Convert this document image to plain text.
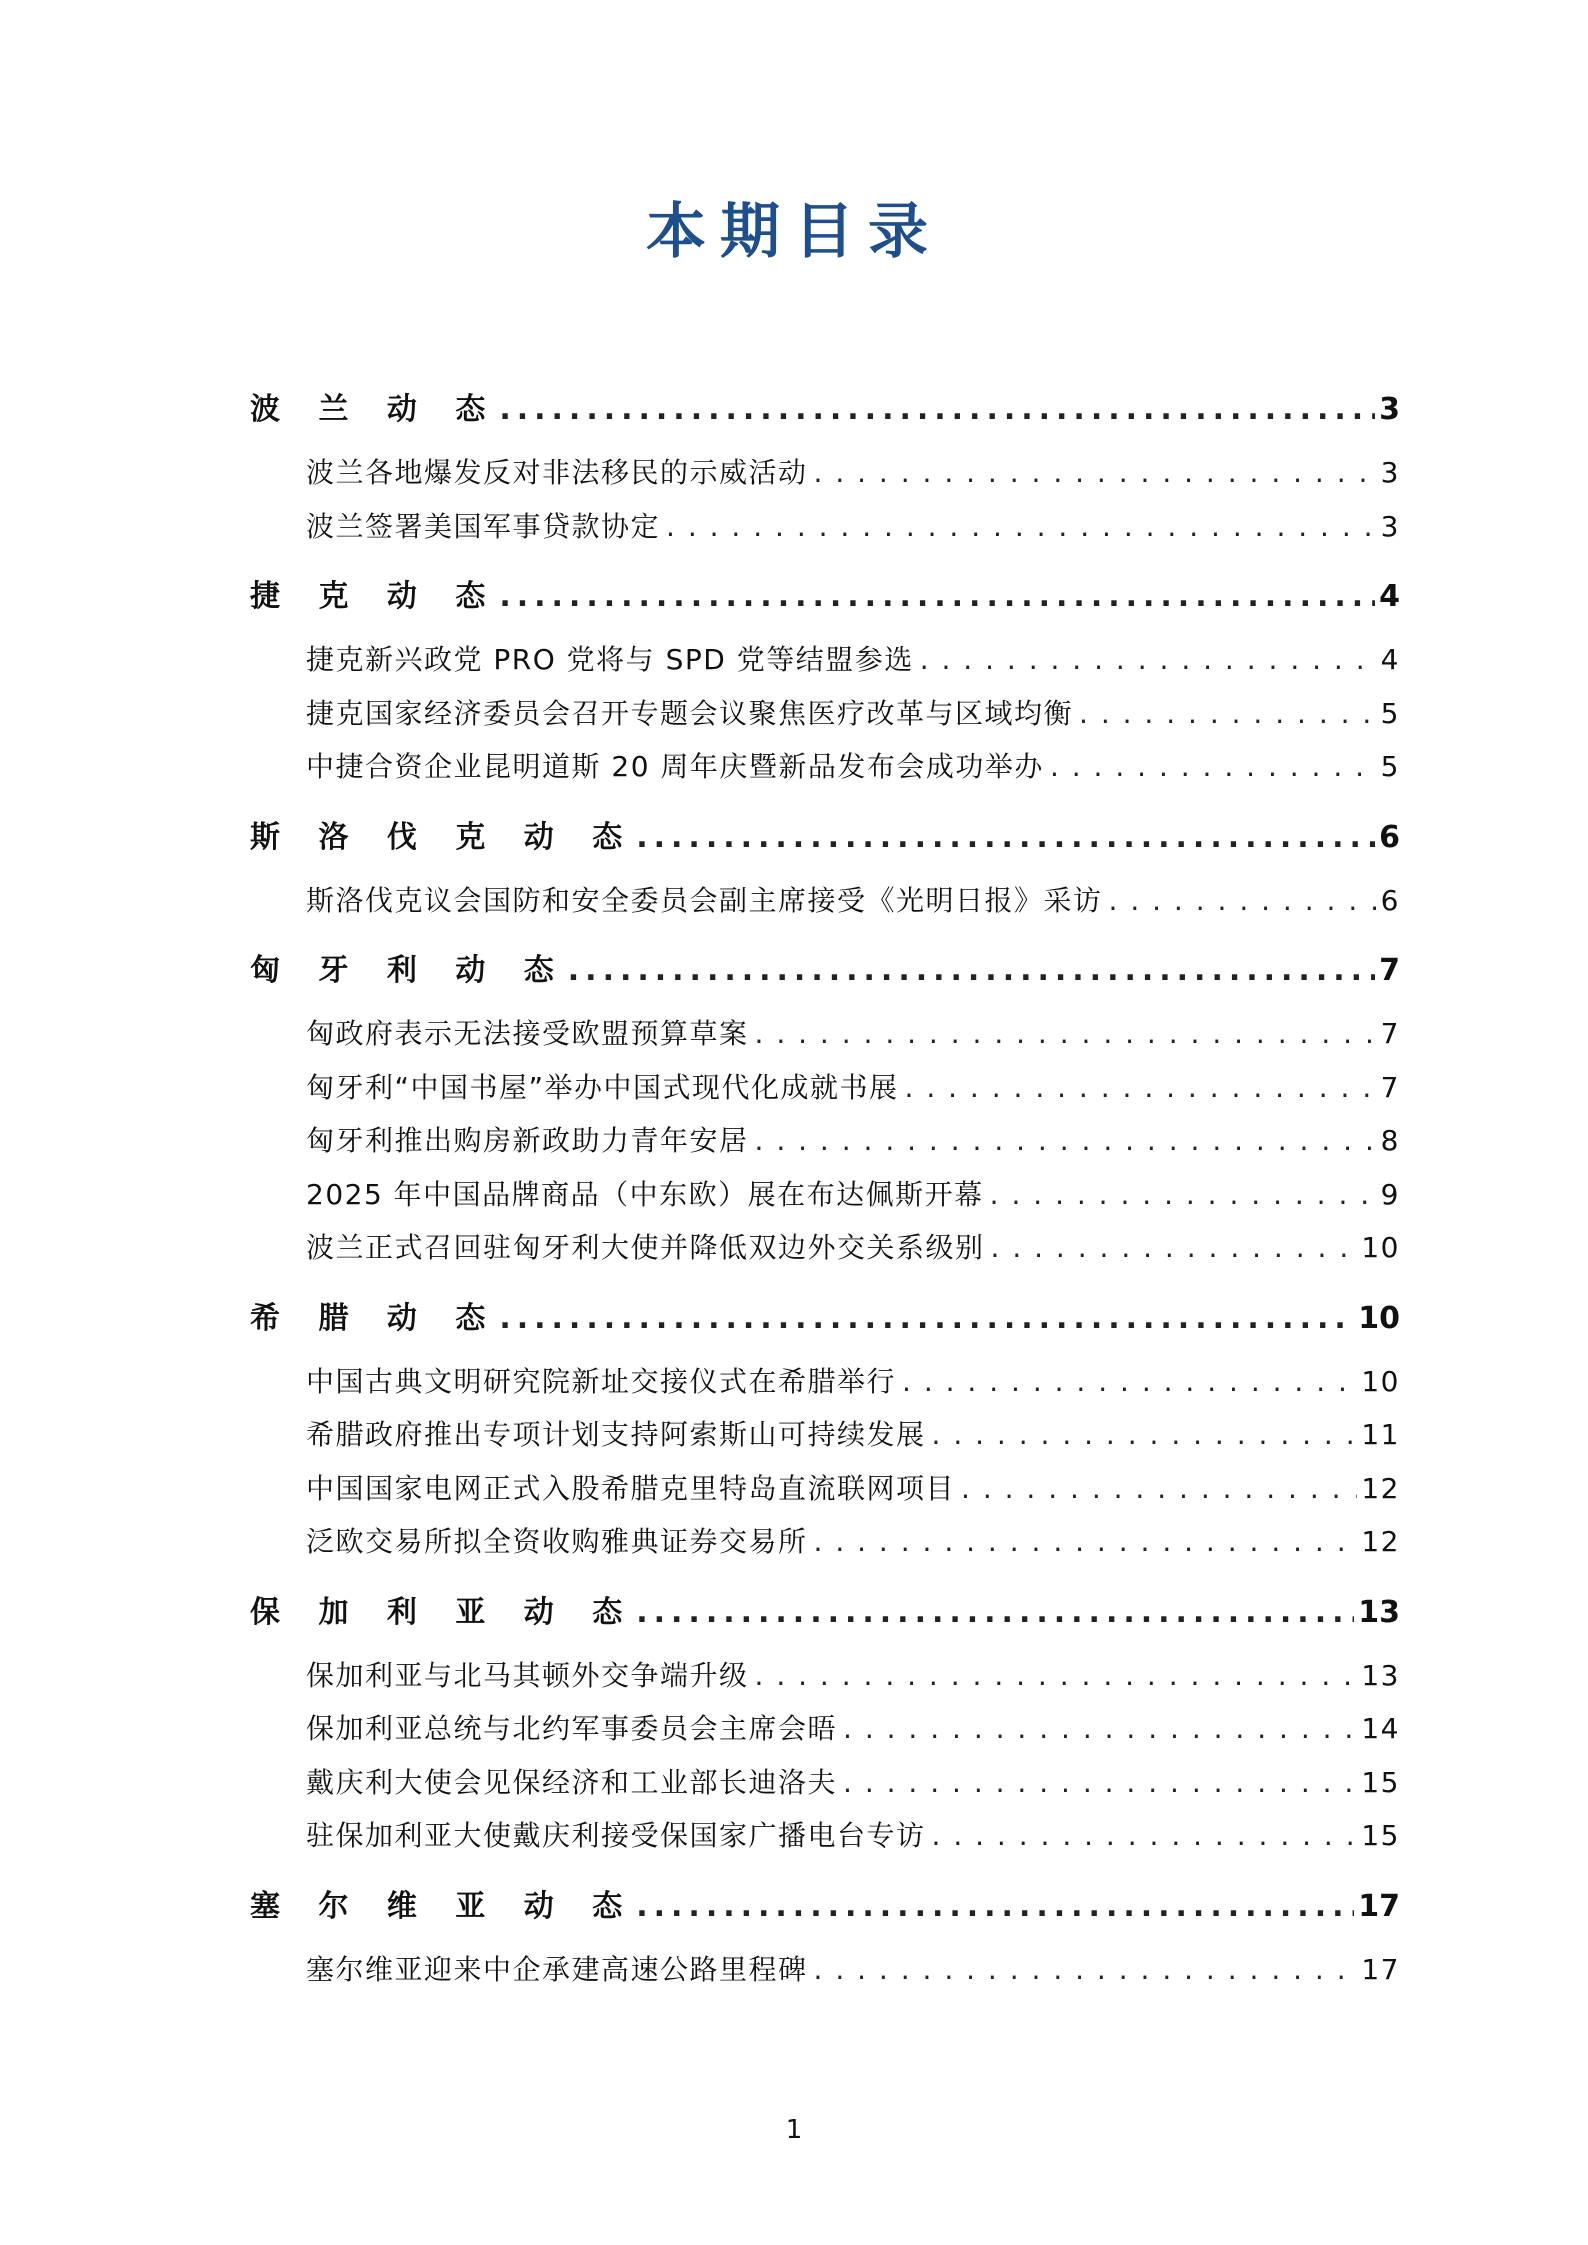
本期目录
波 兰 动 态 .....	3
波兰各地爆发反对非法移民的示威活动 . . .	3
波兰签署美国军事贷款协定 . . .	3
捷 克 动 态 .....	4
捷克新兴政党 PRO 党将与 SPD 党等结盟参选 . . .	4
捷克国家经济委员会召开专题会议聚焦医疗改革与区域均衡 . . .	5
中捷合资企业昆明道斯 20 周年庆暨新品发布会成功举办 . . .	5
斯 洛 伐 克 动 态 .....	6
斯洛伐克议会国防和安全委员会副主席接受《光明日报》采访 . . .	6
匈 牙 利 动 态 .....	7
匈政府表示无法接受欧盟预算草案 . . .	7
匈牙利“中国书屋”举办中国式现代化成就书展 . . .	7
匈牙利推出购房新政助力青年安居 . . .	8
2025 年中国品牌商品（中东欧）展在布达佩斯开幕 . . .	9
波兰正式召回驻匈牙利大使并降低双边外交关系级别 . . .	10
希 腊 动 态 .....	10
中国古典文明研究院新址交接仪式在希腊举行 . . .	10
希腊政府推出专项计划支持阿索斯山可持续发展 . . .	11
中国国家电网正式入股希腊克里特岛直流联网项目 . . .	12
泛欧交易所拟全资收购雅典证券交易所 . . .	12
保 加 利 亚 动 态 .....	13
保加利亚与北马其顿外交争端升级 . . .	13
保加利亚总统与北约军事委员会主席会晤 . . .	14
戴庆利大使会见保经济和工业部长迪洛夫 . . .	15
驻保加利亚大使戴庆利接受保国家广播电台专访 . . .	15
塞 尔 维 亚 动 态 .....	17
塞尔维亚迎来中企承建高速公路里程碑 . . .	17
1
